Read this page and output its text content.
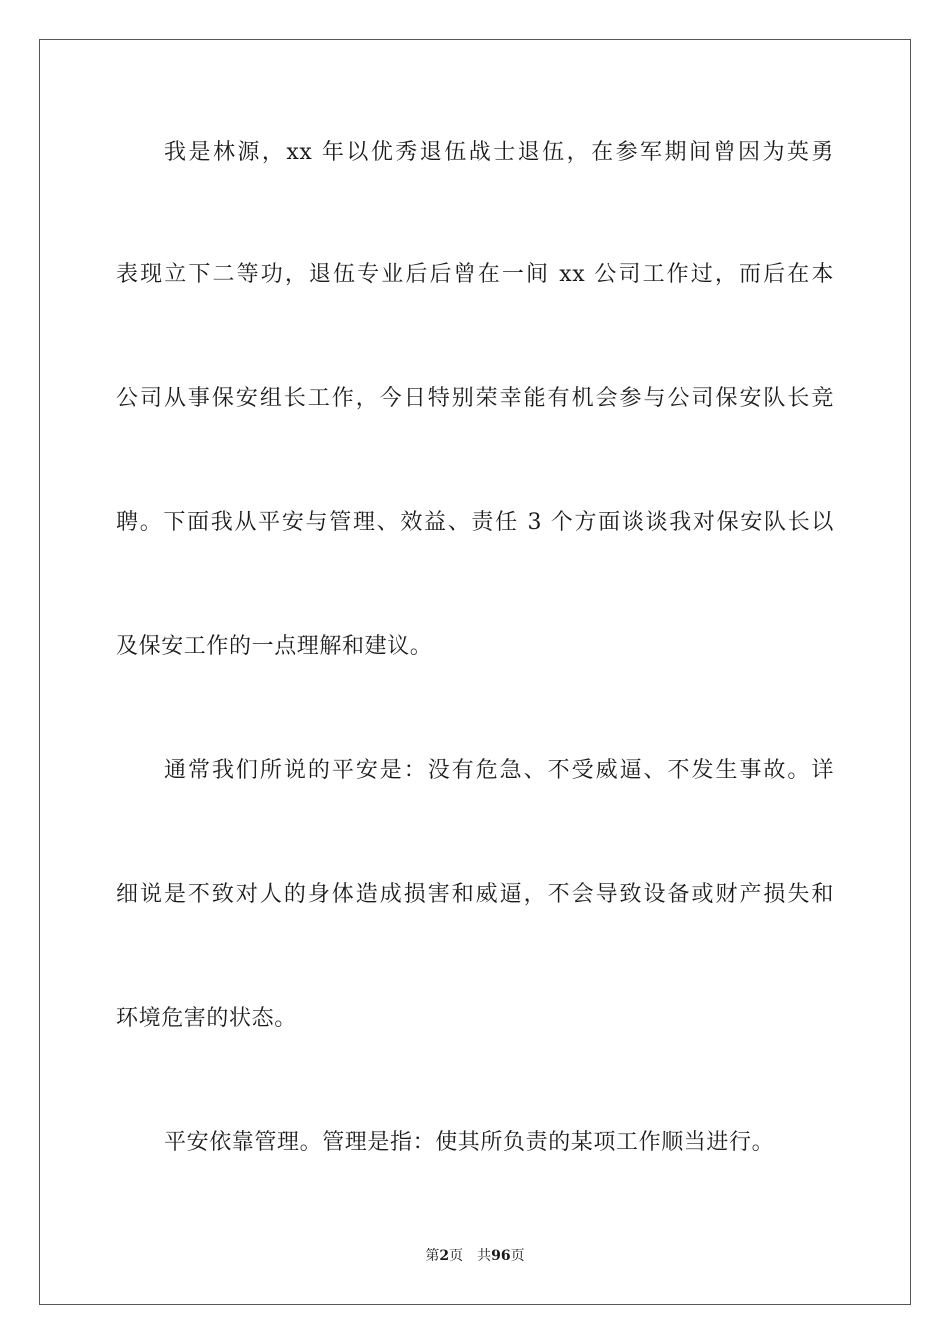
我是林源，xx 年以优秀退伍战士退伍，在参军期间曾因为英勇
表现立下二等功，退伍专业后后曾在一间 xx 公司工作过，而后在本
公司从事保安组长工作，今日特别荣幸能有机会参与公司保安队长竞
聘。下面我从平安与管理、效益、责任 3 个方面谈谈我对保安队长以
及保安工作的一点理解和建议。
通常我们所说的平安是：没有危急、不受威逼、不发生事故。详
细说是不致对人的身体造成损害和威逼，不会导致设备或财产损失和
环境危害的状态。
平安依靠管理。管理是指：使其所负责的某项工作顺当进行。
第2页 共96页
